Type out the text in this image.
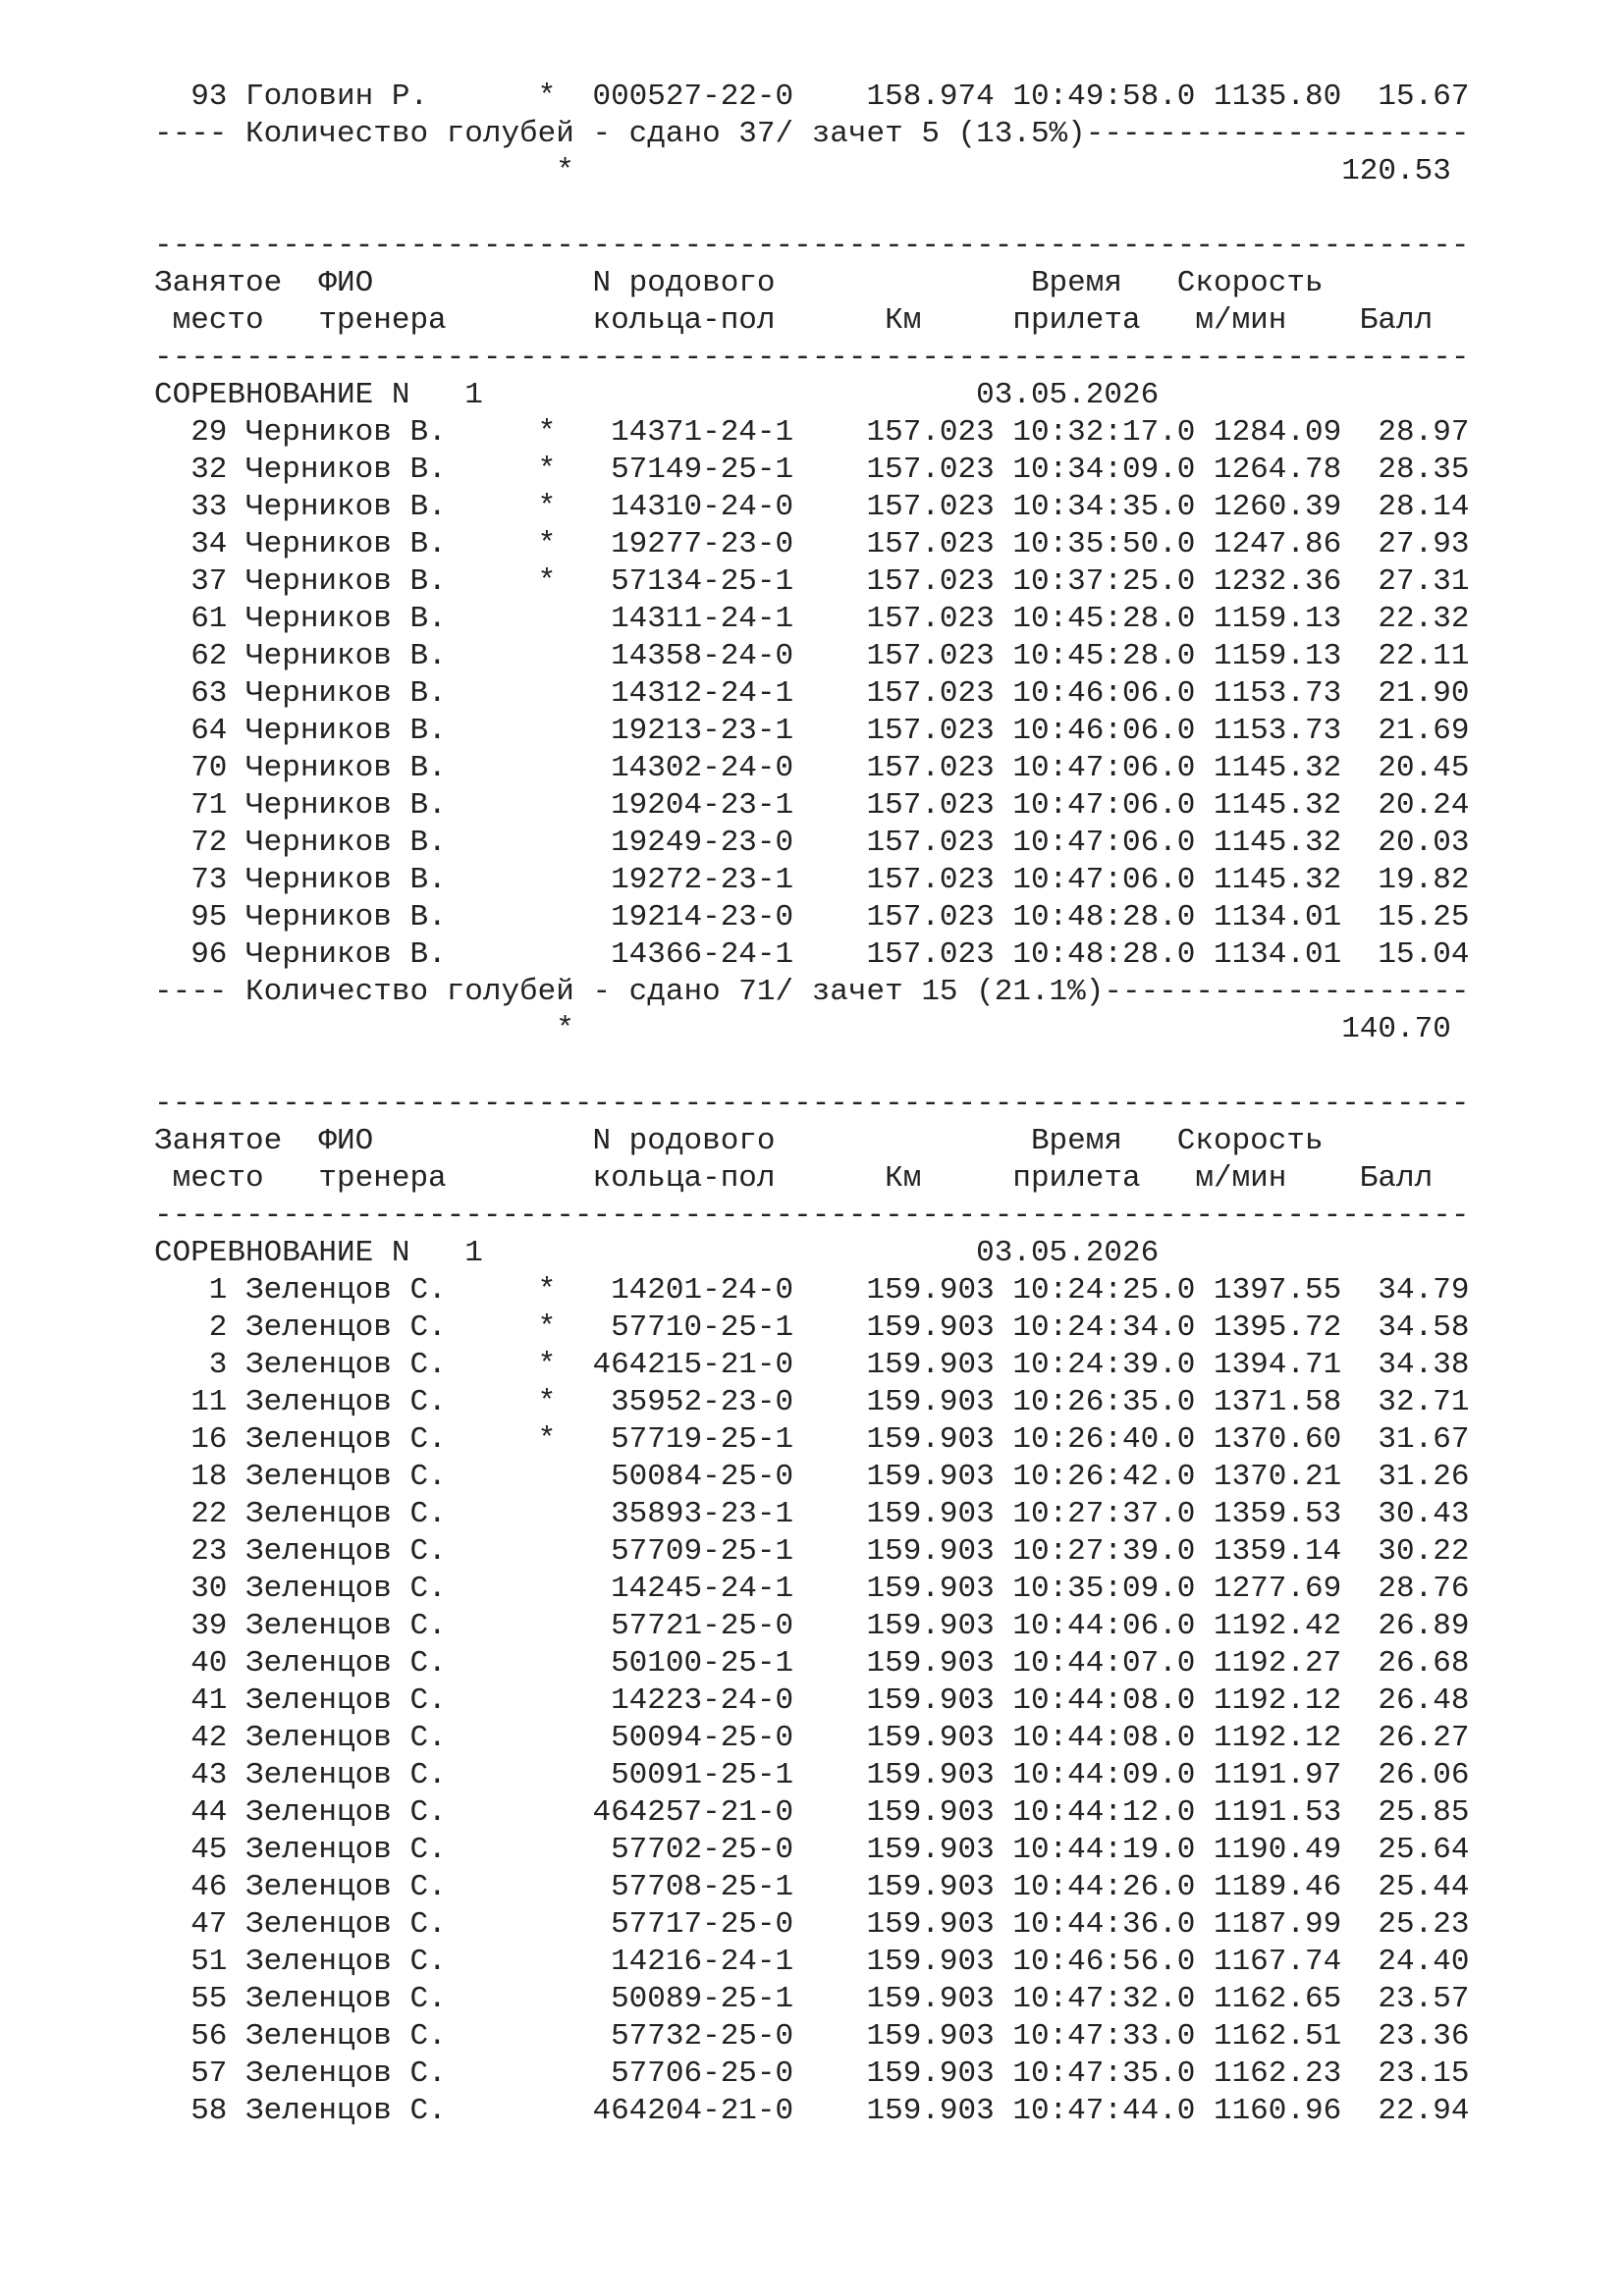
93 Головин Р.      *  000527-22-0    158.974 10:49:58.0 1135.80  15.67
---- Количество голубей - сдано 37/ зачет 5 (13.5%)---------------------
*                                          120.53
------------------------------------------------------------------------
Занятое  ФИО            N родового              Время   Скорость
место   тренера        кольца-пол      Км     прилета   м/мин    Балл
------------------------------------------------------------------------
СОРЕВНОВАНИЕ N   1                           03.05.2026
29 Черников В.     *   14371-24-1    157.023 10:32:17.0 1284.09  28.97
32 Черников В.     *   57149-25-1    157.023 10:34:09.0 1264.78  28.35
33 Черников В.     *   14310-24-0    157.023 10:34:35.0 1260.39  28.14
34 Черников В.     *   19277-23-0    157.023 10:35:50.0 1247.86  27.93
37 Черников В.     *   57134-25-1    157.023 10:37:25.0 1232.36  27.31
61 Черников В.         14311-24-1    157.023 10:45:28.0 1159.13  22.32
62 Черников В.         14358-24-0    157.023 10:45:28.0 1159.13  22.11
63 Черников В.         14312-24-1    157.023 10:46:06.0 1153.73  21.90
64 Черников В.         19213-23-1    157.023 10:46:06.0 1153.73  21.69
70 Черников В.         14302-24-0    157.023 10:47:06.0 1145.32  20.45
71 Черников В.         19204-23-1    157.023 10:47:06.0 1145.32  20.24
72 Черников В.         19249-23-0    157.023 10:47:06.0 1145.32  20.03
73 Черников В.         19272-23-1    157.023 10:47:06.0 1145.32  19.82
95 Черников В.         19214-23-0    157.023 10:48:28.0 1134.01  15.25
96 Черников В.         14366-24-1    157.023 10:48:28.0 1134.01  15.04
---- Количество голубей - сдано 71/ зачет 15 (21.1%)--------------------
*                                          140.70
------------------------------------------------------------------------
Занятое  ФИО            N родового              Время   Скорость
место   тренера        кольца-пол      Км     прилета   м/мин    Балл
------------------------------------------------------------------------
СОРЕВНОВАНИЕ N   1                           03.05.2026
1 Зеленцов С.     *   14201-24-0    159.903 10:24:25.0 1397.55  34.79
2 Зеленцов С.     *   57710-25-1    159.903 10:24:34.0 1395.72  34.58
3 Зеленцов С.     *  464215-21-0    159.903 10:24:39.0 1394.71  34.38
11 Зеленцов С.     *   35952-23-0    159.903 10:26:35.0 1371.58  32.71
16 Зеленцов С.     *   57719-25-1    159.903 10:26:40.0 1370.60  31.67
18 Зеленцов С.         50084-25-0    159.903 10:26:42.0 1370.21  31.26
22 Зеленцов С.         35893-23-1    159.903 10:27:37.0 1359.53  30.43
23 Зеленцов С.         57709-25-1    159.903 10:27:39.0 1359.14  30.22
30 Зеленцов С.         14245-24-1    159.903 10:35:09.0 1277.69  28.76
39 Зеленцов С.         57721-25-0    159.903 10:44:06.0 1192.42  26.89
40 Зеленцов С.         50100-25-1    159.903 10:44:07.0 1192.27  26.68
41 Зеленцов С.         14223-24-0    159.903 10:44:08.0 1192.12  26.48
42 Зеленцов С.         50094-25-0    159.903 10:44:08.0 1192.12  26.27
43 Зеленцов С.         50091-25-1    159.903 10:44:09.0 1191.97  26.06
44 Зеленцов С.        464257-21-0    159.903 10:44:12.0 1191.53  25.85
45 Зеленцов С.         57702-25-0    159.903 10:44:19.0 1190.49  25.64
46 Зеленцов С.         57708-25-1    159.903 10:44:26.0 1189.46  25.44
47 Зеленцов С.         57717-25-0    159.903 10:44:36.0 1187.99  25.23
51 Зеленцов С.         14216-24-1    159.903 10:46:56.0 1167.74  24.40
55 Зеленцов С.         50089-25-1    159.903 10:47:32.0 1162.65  23.57
56 Зеленцов С.         57732-25-0    159.903 10:47:33.0 1162.51  23.36
57 Зеленцов С.         57706-25-0    159.903 10:47:35.0 1162.23  23.15
58 Зеленцов С.        464204-21-0    159.903 10:47:44.0 1160.96  22.94
